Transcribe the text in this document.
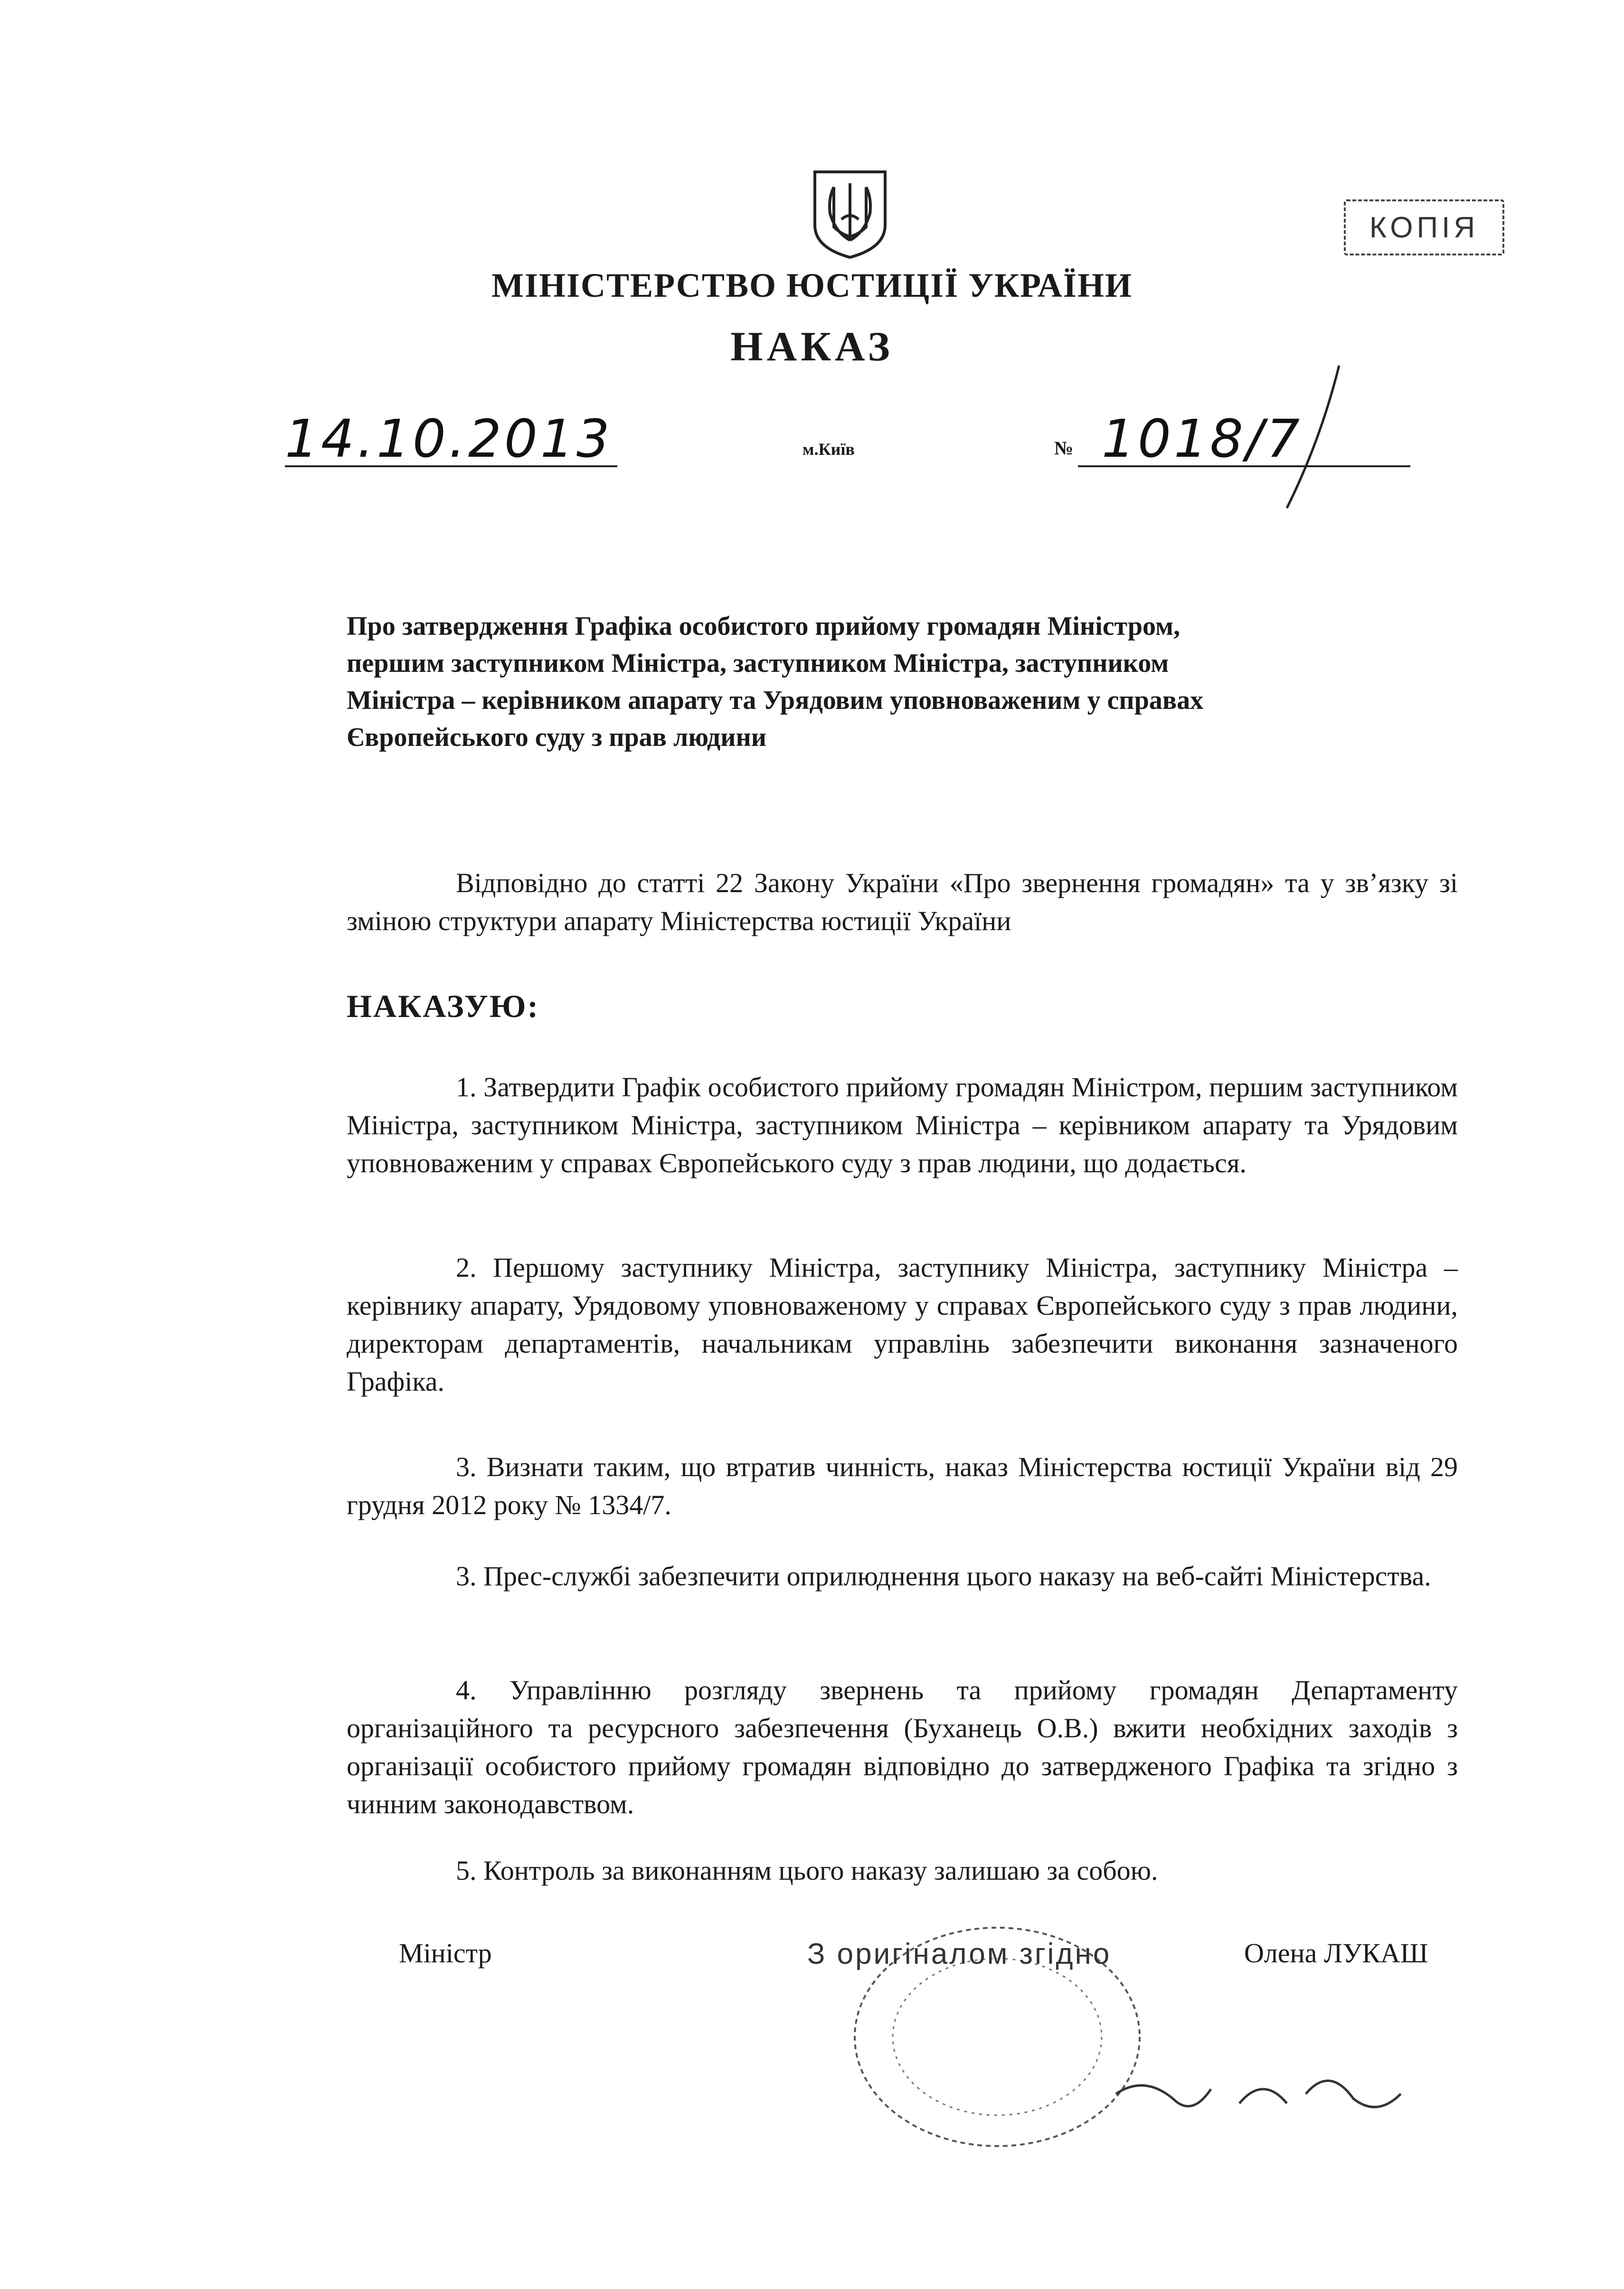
КОПІЯ
МІНІСТЕРСТВО ЮСТИЦІЇ УКРАЇНИ
НАКАЗ
14.10.2013	м.Київ	№ 1018/7
Про затвердження Графіка особистого прийому громадян Міністром, першим заступником Міністра, заступником Міністра, заступником Міністра – керівником апарату та Урядовим уповноваженим у справах Європейського суду з прав людини
Відповідно до статті 22 Закону України «Про звернення громадян» та у зв’язку зі зміною структури апарату Міністерства юстиції України
НАКАЗУЮ:
1. Затвердити Графік особистого прийому громадян Міністром, першим заступником Міністра, заступником Міністра, заступником Міністра – керівником апарату та Урядовим уповноваженим у справах Європейського суду з прав людини, що додається.
2. Першому заступнику Міністра, заступнику Міністра, заступнику Міністра – керівнику апарату, Урядовому уповноваженому у справах Європейського суду з прав людини, директорам департаментів, начальникам управлінь забезпечити виконання зазначеного Графіка.
3. Визнати таким, що втратив чинність, наказ Міністерства юстиції України від 29 грудня 2012 року № 1334/7.
3. Прес-службі забезпечити оприлюднення цього наказу на веб-сайті Міністерства.
4. Управлінню розгляду звернень та прийому громадян Департаменту організаційного та ресурсного забезпечення (Буханець О.В.) вжити необхідних заходів з організації особистого прийому громадян відповідно до затвердженого Графіка та згідно з чинним законодавством.
5. Контроль за виконанням цього наказу залишаю за собою.
Міністр	З оригіналом згідно	Олена ЛУКАШ
